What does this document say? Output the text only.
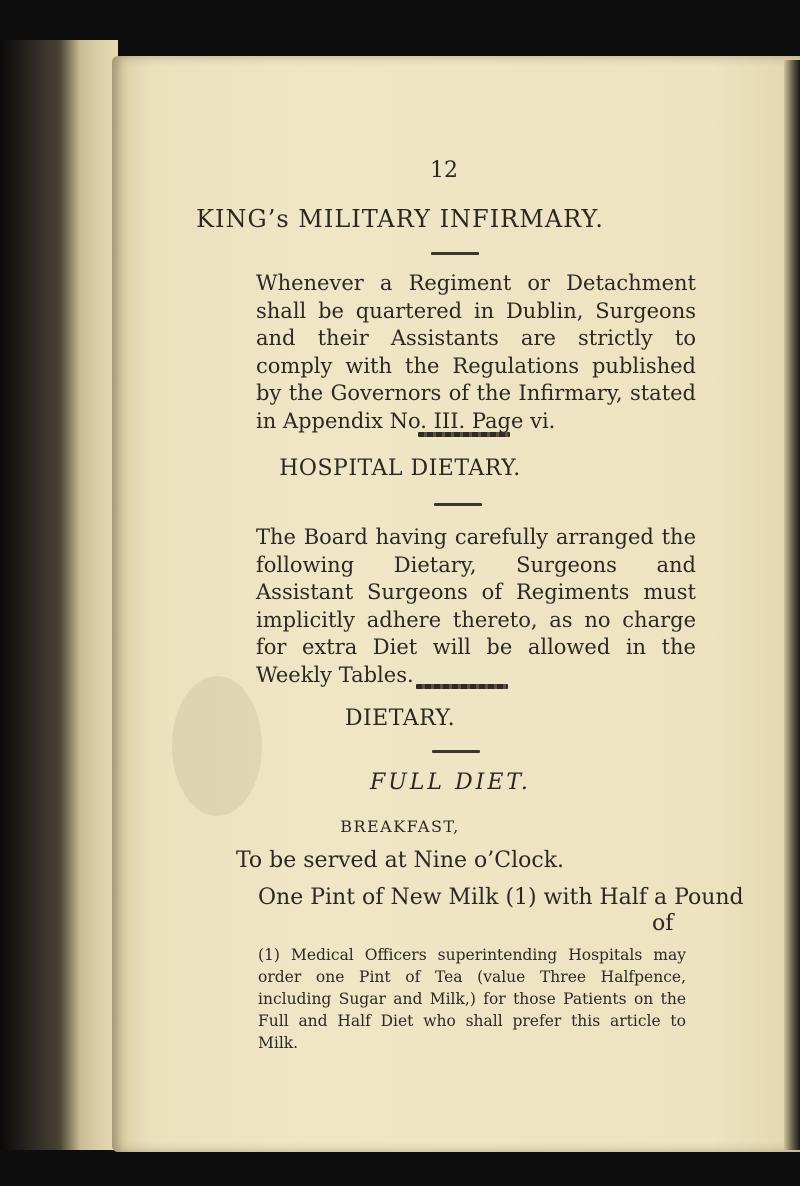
12
KING’s MILITARY INFIRMARY.
Whenever a Regiment or Detachment shall be quartered in Dublin, Surgeons and their Assistants are strictly to comply with the Regulations published by the Governors of the Infirmary, stated in Appendix No. III. Page vi.
HOSPITAL DIETARY.
The Board having carefully arranged the following Dietary, Surgeons and Assistant Surgeons of Regiments must implicitly adhere thereto, as no charge for extra Diet will be allowed in the Weekly Tables.
DIETARY.
FULL DIET.
BREAKFAST,
To be served at Nine o’Clock.
One Pint of New Milk (1) with Half a Pound
of
(1) Medical Officers superintending Hospitals may order one Pint of Tea (value Three Halfpence, including Sugar and Milk,) for those Patients on the Full and Half Diet who shall prefer this article to Milk.
